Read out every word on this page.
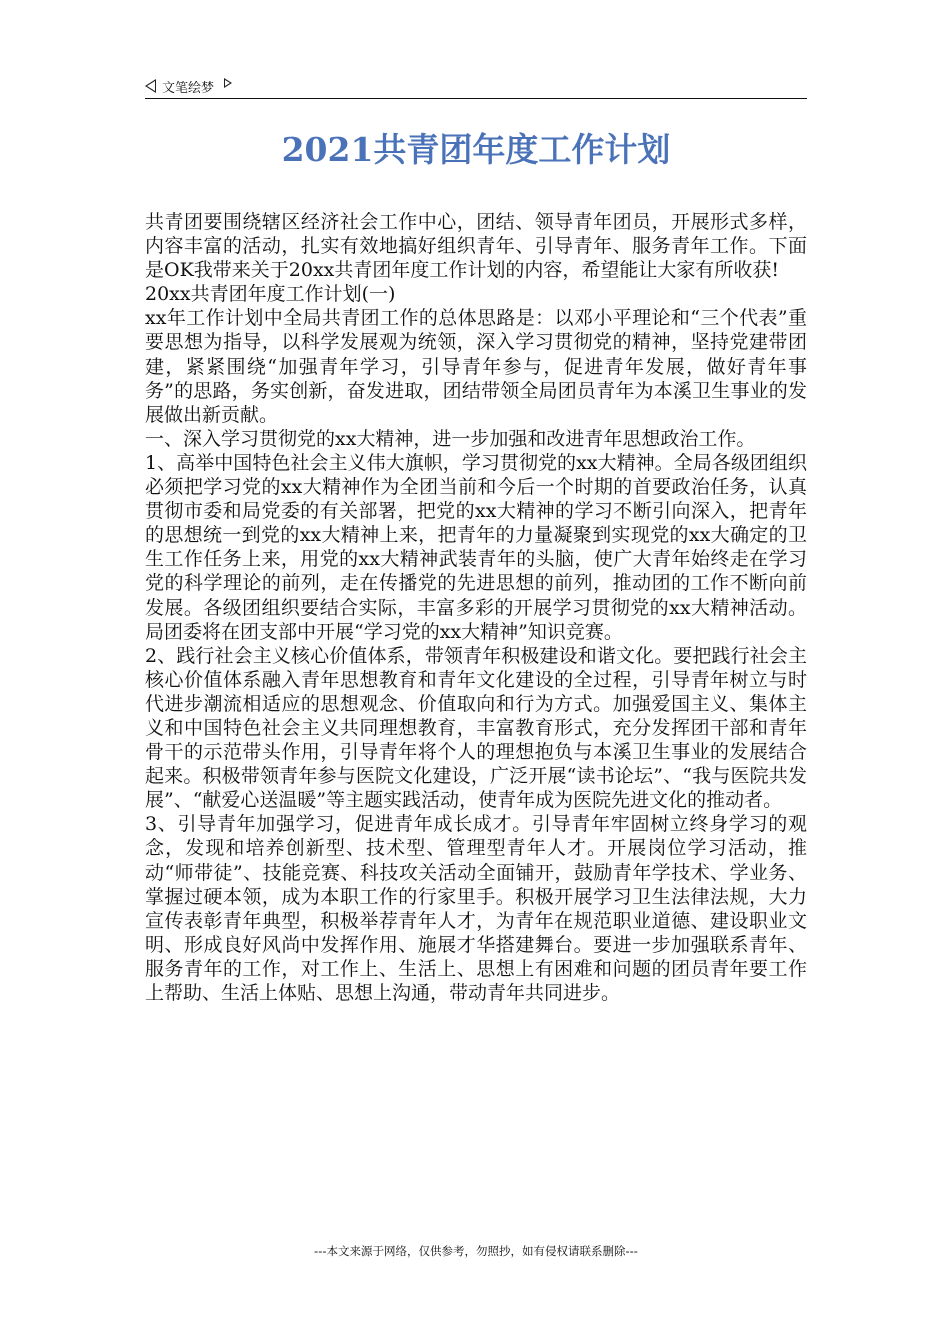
文笔绘梦
2021共青团年度工作计划

共青团要围绕辖区经济社会工作中心，团结、领导青年团员，开展形式多样，内容丰富的活动，扎实有效地搞好组织青年、引导青年、服务青年工作。下面是OK我带来关于20xx共青团年度工作计划的内容，希望能让大家有所收获!

20xx共青团年度工作计划(一)

xx年工作计划中全局共青团工作的总体思路是：以邓小平理论和“三个代表”重要思想为指导，以科学发展观为统领，深入学习贯彻党的精神，坚持党建带团建，紧紧围绕“加强青年学习，引导青年参与，促进青年发展，做好青年事务”的思路，务实创新，奋发进取，团结带领全局团员青年为本溪卫生事业的发展做出新贡献。

一、深入学习贯彻党的xx大精神，进一步加强和改进青年思想政治工作。

1、高举中国特色社会主义伟大旗帜，学习贯彻党的xx大精神。全局各级团组织必须把学习党的xx大精神作为全团当前和今后一个时期的首要政治任务，认真贯彻市委和局党委的有关部署，把党的xx大精神的学习不断引向深入，把青年的思想统一到党的xx大精神上来，把青年的力量凝聚到实现党的xx大确定的卫生工作任务上来，用党的xx大精神武装青年的头脑，使广大青年始终走在学习党的科学理论的前列，走在传播党的先进思想的前列，推动团的工作不断向前发展。各级团组织要结合实际，丰富多彩的开展学习贯彻党的xx大精神活动。局团委将在团支部中开展“学习党的xx大精神”知识竞赛。

2、践行社会主义核心价值体系，带领青年积极建设和谐文化。要把践行社会主核心价值体系融入青年思想教育和青年文化建设的全过程，引导青年树立与时代进步潮流相适应的思想观念、价值取向和行为方式。加强爱国主义、集体主义和中国特色社会主义共同理想教育，丰富教育形式，充分发挥团干部和青年骨干的示范带头作用，引导青年将个人的理想抱负与本溪卫生事业的发展结合起来。积极带领青年参与医院文化建设，广泛开展“读书论坛”、“我与医院共发展”、“献爱心送温暖”等主题实践活动，使青年成为医院先进文化的推动者。

3、引导青年加强学习，促进青年成长成才。引导青年牢固树立终身学习的观念，发现和培养创新型、技术型、管理型青年人才。开展岗位学习活动，推动“师带徒”、技能竞赛、科技攻关活动全面铺开，鼓励青年学技术、学业务、掌握过硬本领，成为本职工作的行家里手。积极开展学习卫生法律法规，大力宣传表彰青年典型，积极举荐青年人才，为青年在规范职业道德、建设职业文明、形成良好风尚中发挥作用、施展才华搭建舞台。要进一步加强联系青年、服务青年的工作，对工作上、生活上、思想上有困难和问题的团员青年要工作上帮助、生活上体贴、思想上沟通，带动青年共同进步。

---本文来源于网络，仅供参考，勿照抄，如有侵权请联系删除---
